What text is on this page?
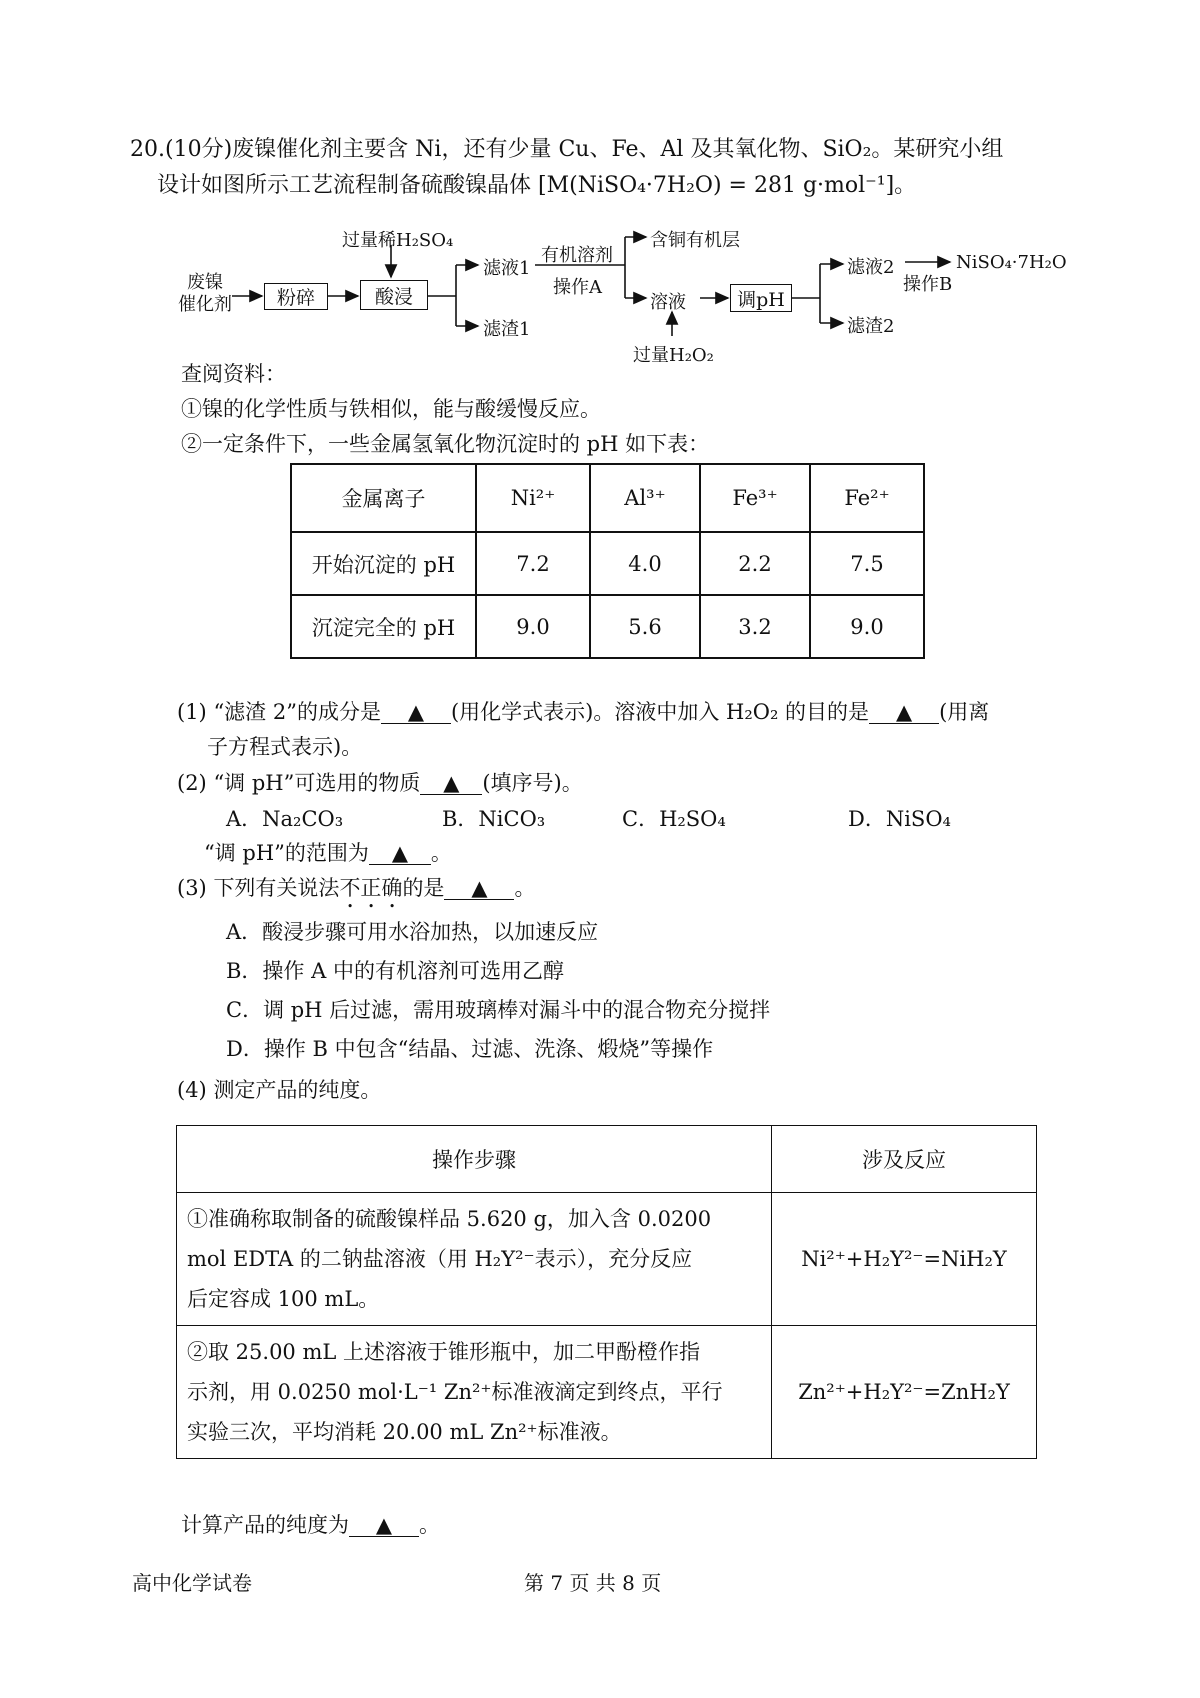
20.(10分)废镍催化剂主要含 Ni，还有少量 Cu、Fe、Al 及其氧化物、SiO₂。某研究小组
设计如图所示工艺流程制备硫酸镍晶体 [M(NiSO₄·7H₂O) = 281 g·mol⁻¹]。
废镍
催化剂	粉碎
过量稀H₂SO₄
酸浸
滤液1
滤渣1
有机溶剂
操作A
含铜有机层
溶液
过量H₂O₂
调pH
滤液2
滤渣2
操作B
NiSO₄·7H₂O
查阅资料：
①镍的化学性质与铁相似，能与酸缓慢反应。
②一定条件下，一些金属氢氧化物沉淀时的 pH 如下表：
金属离子	Ni²⁺	Al³⁺	Fe³⁺	Fe²⁺
开始沉淀的 pH	7.2	4.0	2.2	7.5
沉淀完全的 pH	9.0	5.6	3.2	9.0
(1) “滤渣 2”的成分是 ▲ (用化学式表示)。溶液中加入 H₂O₂ 的目的是 ▲ (用离
子方程式表示)。
(2) “调 pH”可选用的物质 ▲ (填序号)。
A．Na₂CO₃	B．NiCO₃	C．H₂SO₄	D．NiSO₄
“调 pH”的范围为 ▲ 。
(3) 下列有关说法不正确的是 ▲ 。
A．酸浸步骤可用水浴加热，以加速反应
B．操作 A 中的有机溶剂可选用乙醇
C．调 pH 后过滤，需用玻璃棒对漏斗中的混合物充分搅拌
D．操作 B 中包含“结晶、过滤、洗涤、煅烧”等操作
(4) 测定产品的纯度。
操作步骤	涉及反应

①准确称取制备的硫酸镍样品 5.620 g，加入含 0.0200
mol EDTA 的二钠盐溶液（用 H₂Y²⁻表示），充分反应
后定容成 100 mL。	Ni²⁺+H₂Y²⁻=NiH₂Y

②取 25.00 mL 上述溶液于锥形瓶中，加二甲酚橙作指
示剂，用 0.0250 mol·L⁻¹ Zn²⁺标准液滴定到终点，平行
实验三次，平均消耗 20.00 mL Zn²⁺标准液。	Zn²⁺+H₂Y²⁻=ZnH₂Y
计算产品的纯度为 ▲ 。
高中化学试卷	第 7 页 共 8 页
